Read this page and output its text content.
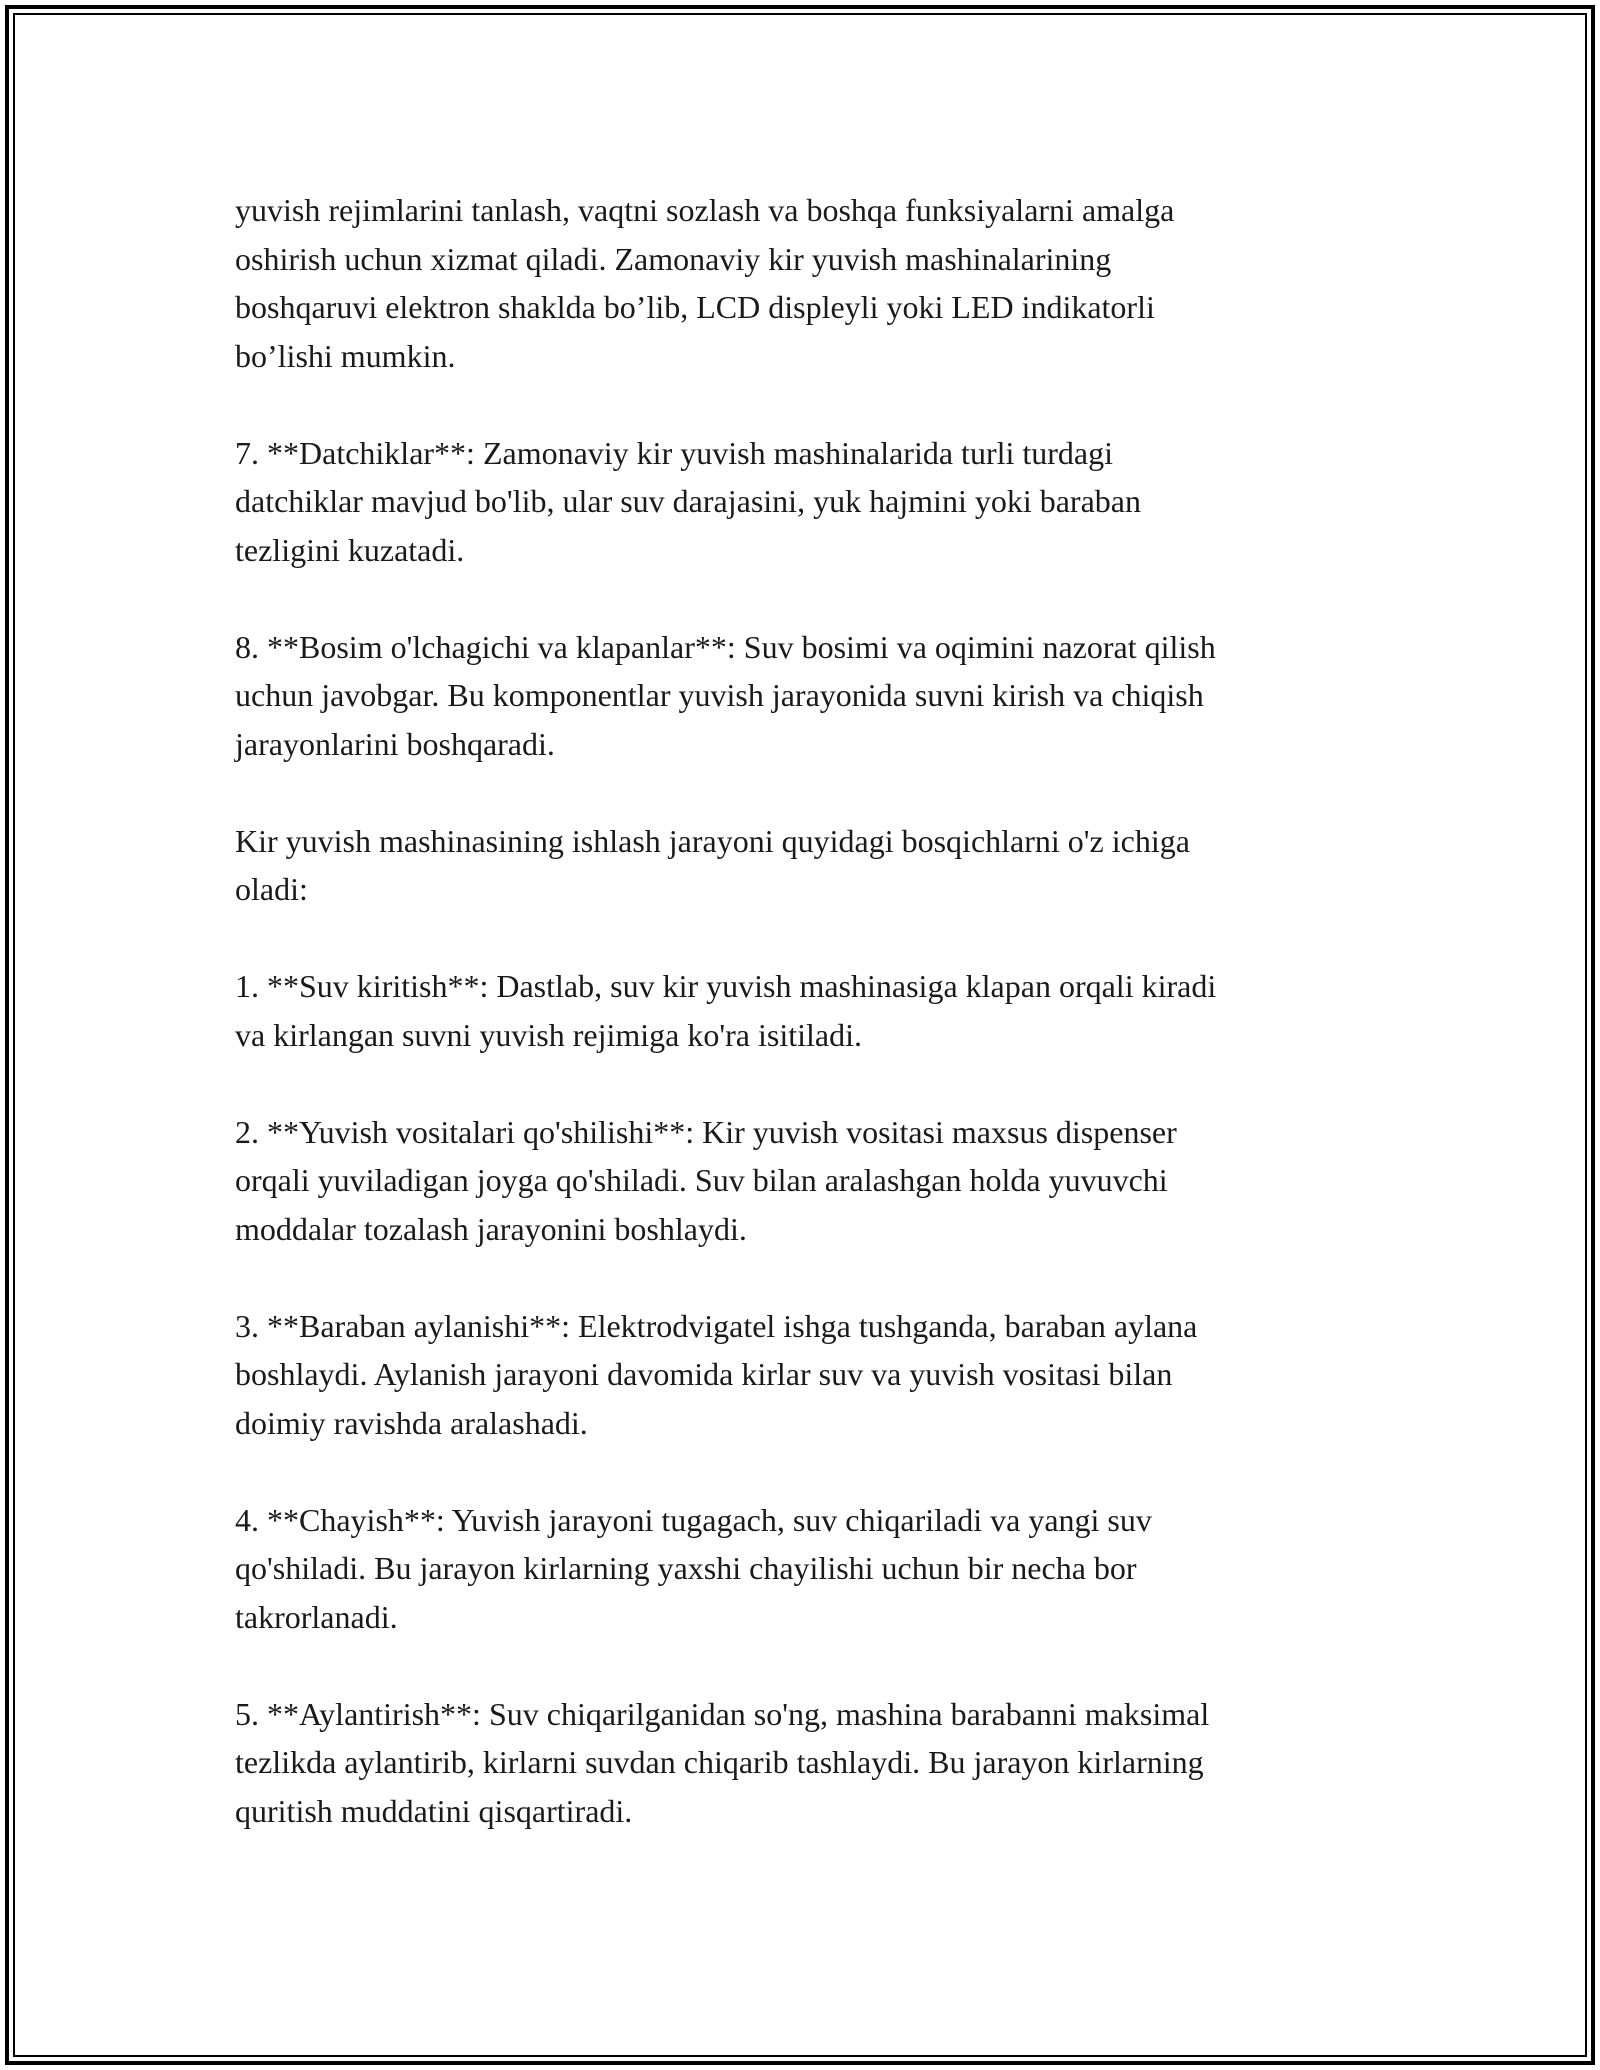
yuvish rejimlarini tanlash, vaqtni sozlash va boshqa funksiyalarni amalga
oshirish uchun xizmat qiladi. Zamonaviy kir yuvish mashinalarining
boshqaruvi elektron shaklda bo’lib, LCD displeyli yoki LED indikatorli
bo’lishi mumkin.

7. **Datchiklar**: Zamonaviy kir yuvish mashinalarida turli turdagi
datchiklar mavjud bo'lib, ular suv darajasini, yuk hajmini yoki baraban
tezligini kuzatadi.

8. **Bosim o'lchagichi va klapanlar**: Suv bosimi va oqimini nazorat qilish
uchun javobgar. Bu komponentlar yuvish jarayonida suvni kirish va chiqish
jarayonlarini boshqaradi.

Kir yuvish mashinasining ishlash jarayoni quyidagi bosqichlarni o'z ichiga
oladi:

1. **Suv kiritish**: Dastlab, suv kir yuvish mashinasiga klapan orqali kiradi
va kirlangan suvni yuvish rejimiga ko'ra isitiladi.

2. **Yuvish vositalari qo'shilishi**: Kir yuvish vositasi maxsus dispenser
orqali yuviladigan joyga qo'shiladi. Suv bilan aralashgan holda yuvuvchi
moddalar tozalash jarayonini boshlaydi.

3. **Baraban aylanishi**: Elektrodvigatel ishga tushganda, baraban aylana
boshlaydi. Aylanish jarayoni davomida kirlar suv va yuvish vositasi bilan
doimiy ravishda aralashadi.

4. **Chayish**: Yuvish jarayoni tugagach, suv chiqariladi va yangi suv
qo'shiladi. Bu jarayon kirlarning yaxshi chayilishi uchun bir necha bor
takrorlanadi.

5. **Aylantirish**: Suv chiqarilganidan so'ng, mashina barabanni maksimal
tezlikda aylantirib, kirlarni suvdan chiqarib tashlaydi. Bu jarayon kirlarning
quritish muddatini qisqartiradi.
